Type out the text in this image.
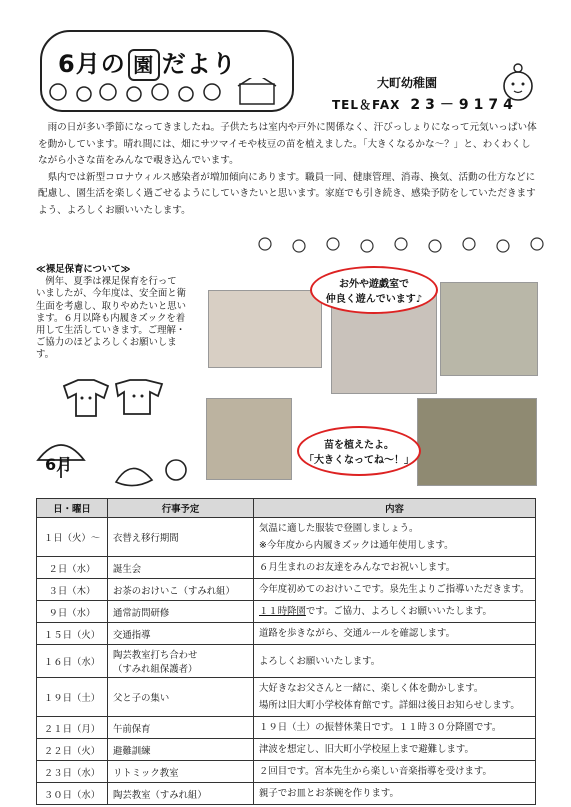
6月の 園 だより
大町幼稚園
TEL＆FAX 23－9174

雨の日が多い季節になってきましたね。子供たちは室内や戸外に関係なく、汗びっしょりになって元気いっぱい体を動かしています。晴れ間には、畑にサツマイモや枝豆の苗を植えました。「大きくなるかな～？」と、わくわくしながら小さな苗をみんなで覗き込んでいます。

県内では新型コロナウィルス感染者が増加傾向にあります。職員一同、健康管理、消毒、換気、活動の仕方などに配慮し、園生活を楽しく過ごせるようにしていきたいと思います。家庭でも引き続き、感染予防をしていただきますよう、よろしくお願いいたします。

≪裸足保育について≫
例年、夏季は裸足保育を行っていましたが、今年度は、安全面と衛生面を考慮し、取りやめたいと思います。６月以降も内履きズックを着用して生活していきます。ご理解・ご協力のほどよろしくお願いします。
お外や遊戯室で
仲良く遊んでいます♪
苗を植えたよ。
「大きくなってね～！」
6月
日・曜日	行事予定	内容
１日（火）～	衣替え移行期間	気温に適した服装で登園しましょう。
※今年度から内履きズックは通年使用します。

２日（水）	誕生会	６月生まれのお友達をみんなでお祝いします。
３日（木）	お茶のおけいこ（すみれ組）	今年度初めてのおけいこです。泉先生よりご指導いただきます。
９日（水）	通常訪問研修	１１時降園です。ご協力、よろしくお願いいたします。
１５日（火）	交通指導	道路を歩きながら、交通ルールを確認します。
１６日（水）	陶芸教室打ち合わせ
（すみれ組保護者）	よろしくお願いいたします。
１９日（土）	父と子の集い	大好きなお父さんと一緒に、楽しく体を動かします。
場所は旧大町小学校体育館です。詳細は後日お知らせします。

２１日（月）	午前保育	１９日（土）の振替休業日です。１１時３０分降園です。
２２日（火）	避難訓練	津波を想定し、旧大町小学校屋上まで避難します。
２３日（水）	リトミック教室	２回目です。宮本先生から楽しい音楽指導を受けます。
３０日（水）	陶芸教室（すみれ組）	親子でお皿とお茶碗を作ります。
